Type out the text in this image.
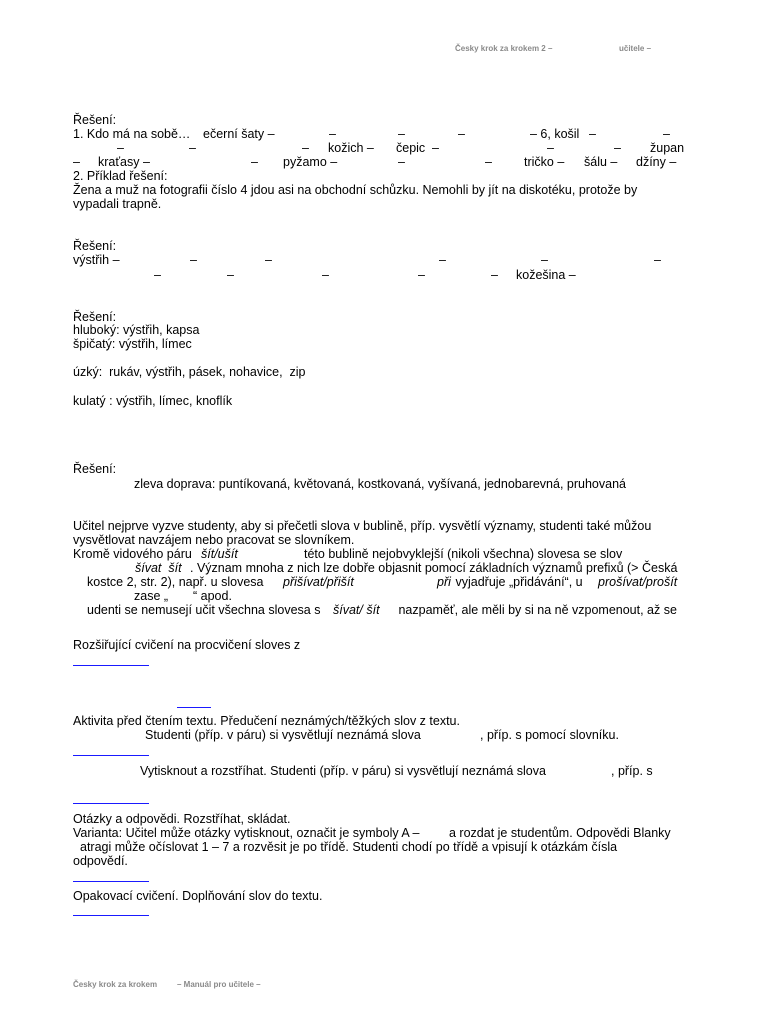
Česky krok za krokem 2 –	učitele –
Řešení:
1. Kdo má na sobě… ečerní šaty –	–	–	–	– 6, košil –	–
–	–	– kožich – čepic –	–	– župan
– kraťasy –	– pyžamo –	–	–	tričko – šálu – džíny –
2. Příklad řešení:
Žena a muž na fotografii číslo 4 jdou asi na obchodní schůzku. Nemohli by jít na diskotéku, protože by
vypadali trapně.
Řešení:
výstřih –	–	–	–	–	–
–	–	–	–	– kožešina –
Řešení:
hluboký: výstřih, kapsa
špičatý: výstřih, límec
úzký:  rukáv, výstřih, pásek, nohavice,  zip
kulatý : výstřih, límec, knoflík
Řešení:
zleva doprava: puntíkovaná, květovaná, kostkovaná, vyšívaná, jednobarevná, pruhovaná
Učitel nejprve vyzve studenty, aby si přečetli slova v bublině, příp. vysvětlí významy, studenti také můžou
vysvětlovat navzájem nebo pracovat se slovníkem.
Kromě vidového páru šít/ušít	této bublině nejobvyklejší (nikoli všechna) slovesa se slov
šívat  šít . Význam mnoha z nich lze dobře objasnit pomocí základních významů prefixů (> Česká
kostce 2, str. 2), např. u slovesa přišívat/přišít	při vyjadřuje „přidávání“, u prošívat/prošít
zase „ “ apod.
udenti se nemusejí učit všechna slovesa s šívat/ šít nazpaměť, ale měli by si na ně vzpomenout, až se
Rozšiřující cvičení na procvičení sloves z
Aktivita před čtením textu. Předučení neznámých/těžkých slov z textu.
Studenti (příp. v páru) si vysvětlují neznámá slova	, příp. s pomocí slovníku.
Vytisknout a rozstříhat. Studenti (příp. v páru) si vysvětlují neznámá slova	, příp. s
Otázky a odpovědi. Rozstříhat, skládat.
Varianta: Učitel může otázky vytisknout, označit je symboly A – a rozdat je studentům. Odpovědi Blanky
atragi může očíslovat 1 – 7 a rozvěsit je po třídě. Studenti chodí po třídě a vpisují k otázkám čísla
odpovědí.
Opakovací cvičení. Doplňování slov do textu.
Česky krok za krokem – Manuál pro učitele –
